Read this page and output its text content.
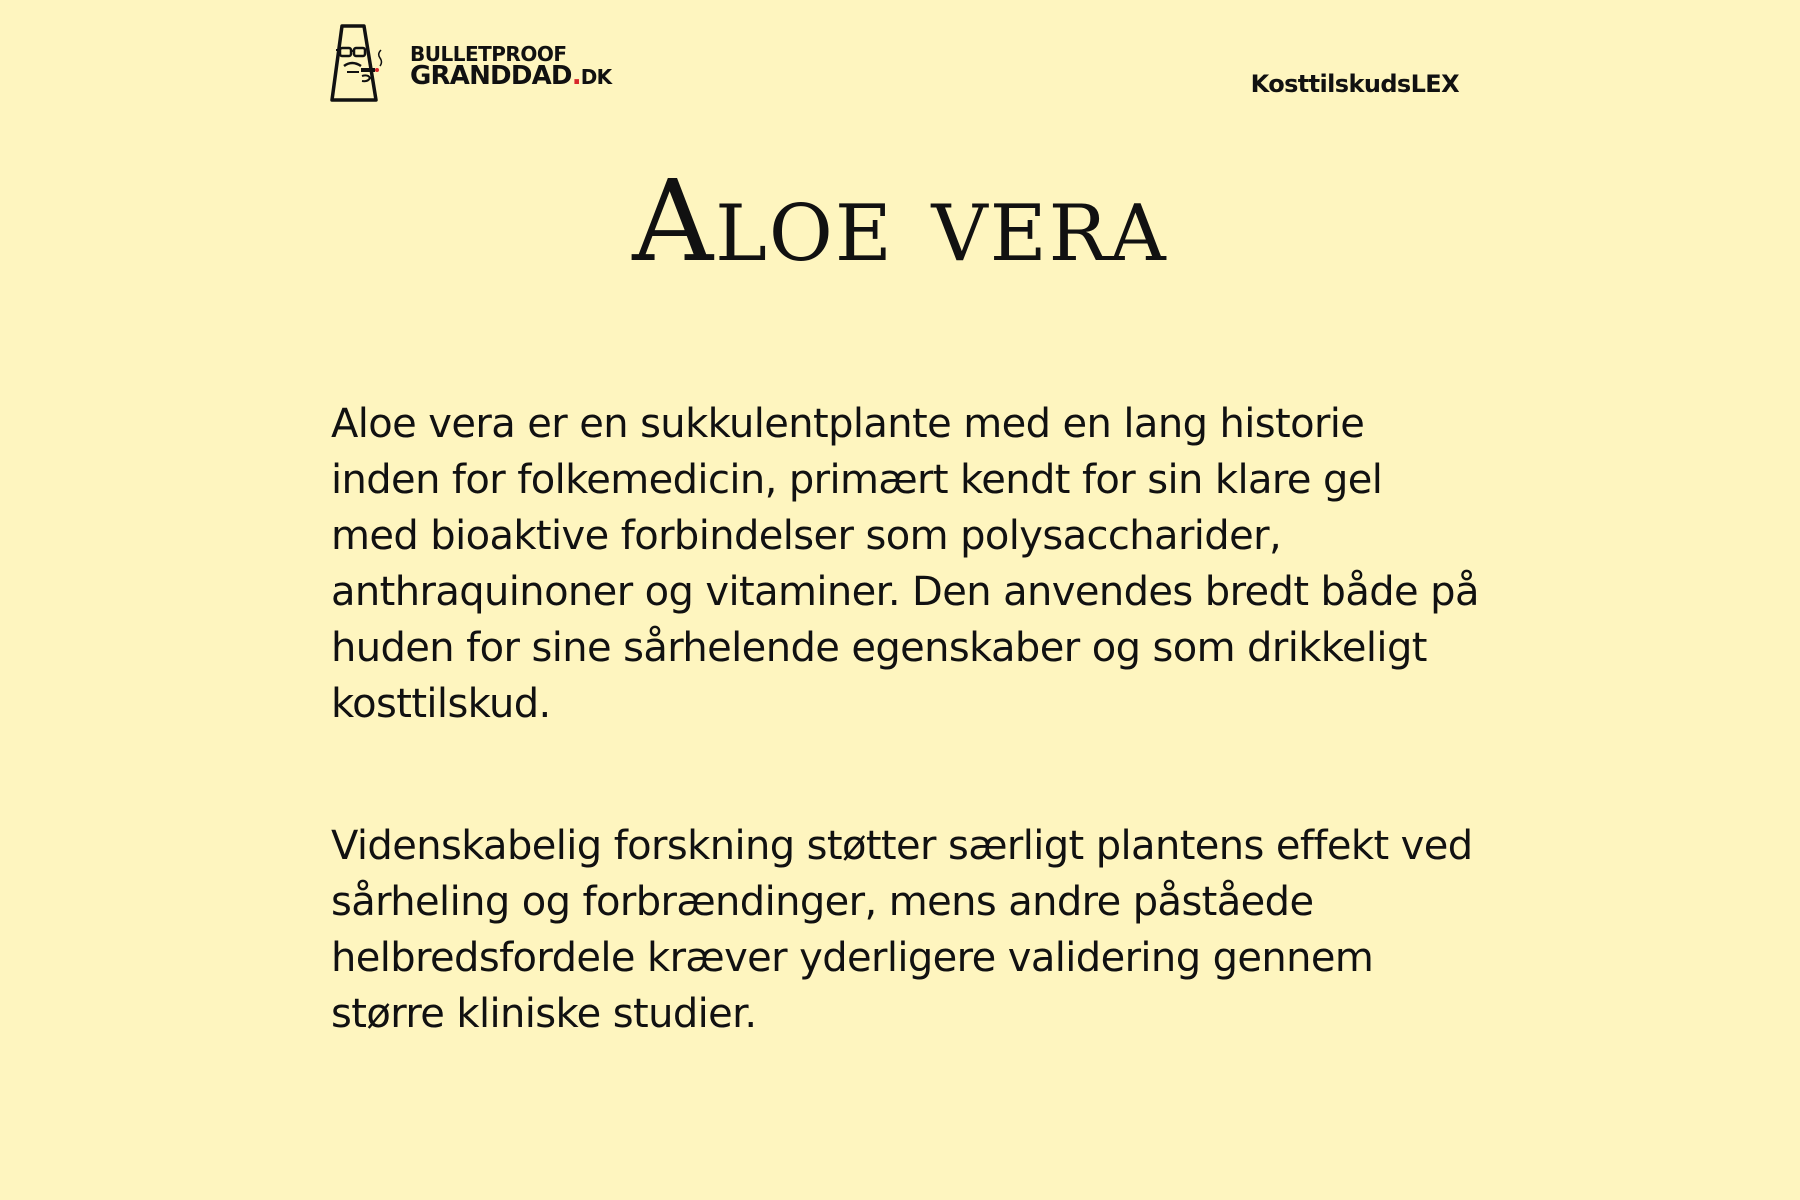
BULLETPROOF
GRANDDAD.DK	KosttilskudsLEX
Aloe vera

Aloe vera er en sukkulentplante med en lang historie inden for folkemedicin, primært kendt for sin klare gel med bioaktive forbindelser som polysaccharider, anthraquinoner og vitaminer. Den anvendes bredt både på huden for sine sårhelende egenskaber og som drikkeligt kosttilskud.

Videnskabelig forskning støtter særligt plantens effekt ved sårheling og forbrændinger, mens andre påståede helbredsfordele kræver yderligere validering gennem større kliniske studier.
